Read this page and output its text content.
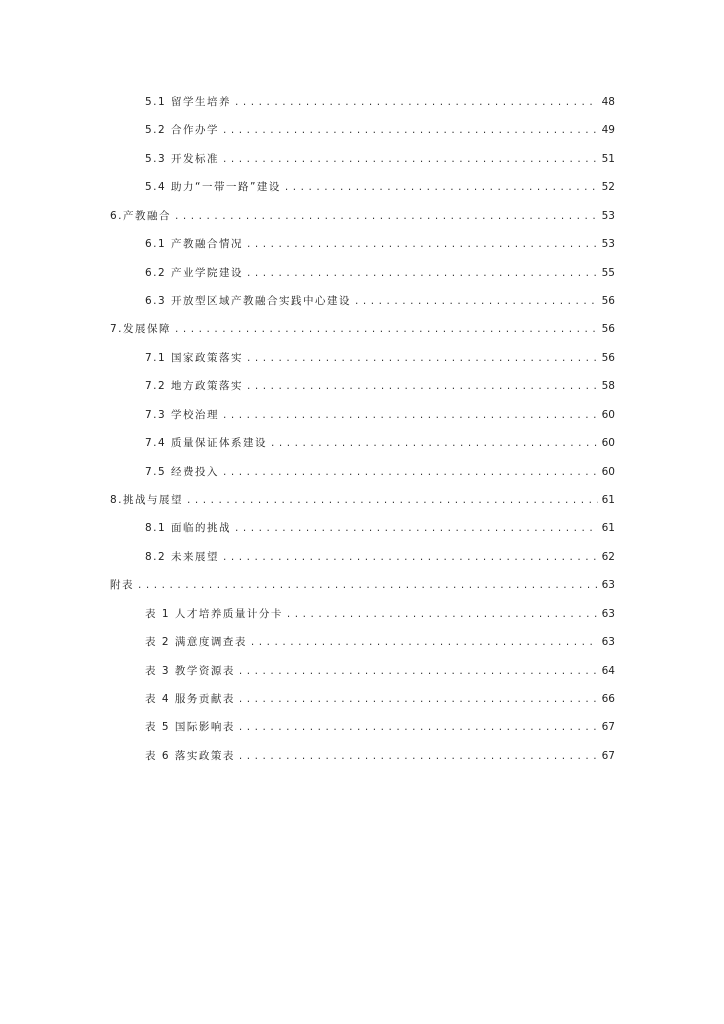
5.1 留学生培养 . . .	48
5.2 合作办学 . . .	49
5.3 开发标准 . . .	51
5.4 助力“一带一路”建设 . . .	52
6.产教融合 . . .	53
6.1 产教融合情况 . . .	53
6.2 产业学院建设 . . .	55
6.3 开放型区域产教融合实践中心建设 . . .	56
7.发展保障 . . .	56
7.1 国家政策落实 . . .	56
7.2 地方政策落实 . . .	58
7.3 学校治理 . . .	60
7.4 质量保证体系建设 . . .	60
7.5 经费投入 . . .	60
8.挑战与展望 . . .	61
8.1 面临的挑战 . . .	61
8.2 未来展望 . . .	62
附表 . . .	63
表 1 人才培养质量计分卡 . . .	63
表 2 满意度调查表 . . .	63
表 3 教学资源表 . . .	64
表 4 服务贡献表 . . .	66
表 5 国际影响表 . . .	67
表 6 落实政策表 . . .	67
